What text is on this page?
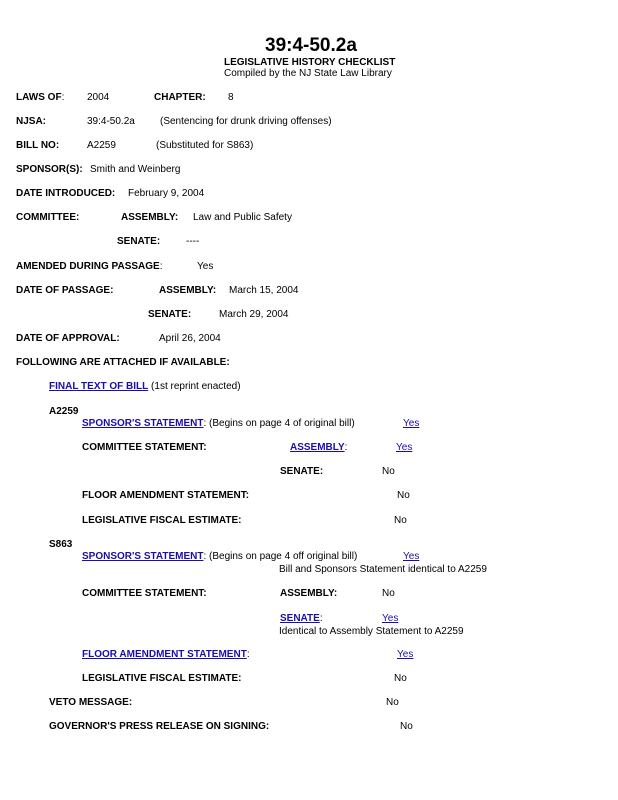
39:4-50.2a
LEGISLATIVE HISTORY CHECKLIST
Compiled by the NJ State Law Library
LAWS OF: 2004	CHAPTER: 8
NJSA:	39:4-50.2a	(Sentencing for drunk driving offenses)
BILL NO:	A2259	(Substituted for S863)
SPONSOR(S): Smith and Weinberg
DATE INTRODUCED: February 9, 2004
COMMITTEE:	ASSEMBLY: Law and Public Safety
SENATE:	----
AMENDED DURING PASSAGE:	Yes
DATE OF PASSAGE:	ASSEMBLY: March 15, 2004
SENATE:	March 29, 2004
DATE OF APPROVAL:	April 26, 2004
FOLLOWING ARE ATTACHED IF AVAILABLE:
FINAL TEXT OF BILL (1st reprint enacted)
A2259
SPONSOR'S STATEMENT: (Begins on page 4 of original bill)	Yes
COMMITTEE STATEMENT:	ASSEMBLY:	Yes
SENATE:	No
FLOOR AMENDMENT STATEMENT:	No
LEGISLATIVE FISCAL ESTIMATE:	No
S863
SPONSOR'S STATEMENT: (Begins on page 4 off original bill)	Yes
Bill and Sponsors Statement identical to A2259
COMMITTEE STATEMENT:	ASSEMBLY:	No
SENATE:	Yes
Identical to Assembly Statement to A2259
FLOOR AMENDMENT STATEMENT:	Yes
LEGISLATIVE FISCAL ESTIMATE:	No
VETO MESSAGE:	No
GOVERNOR'S PRESS RELEASE ON SIGNING:	No
